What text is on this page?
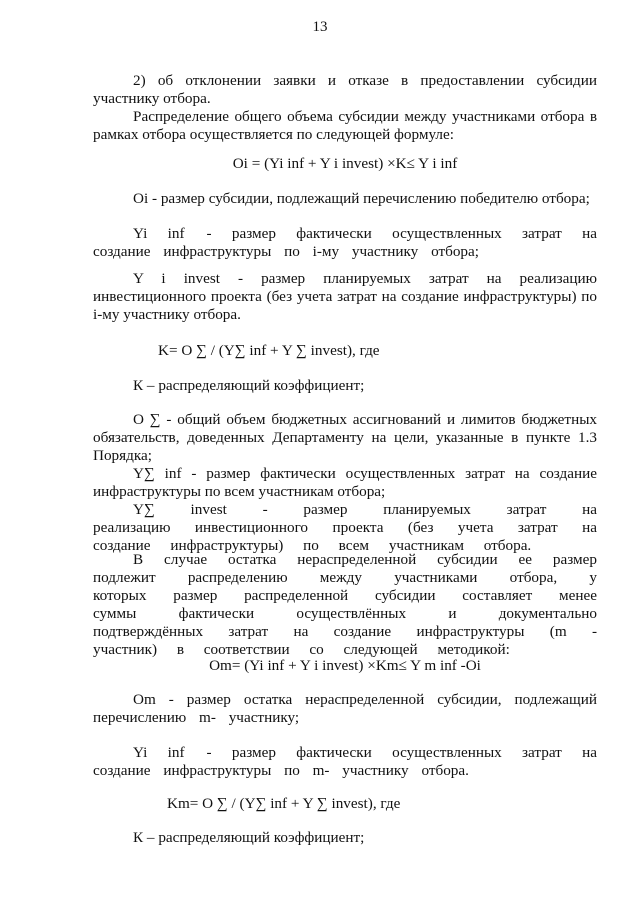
13

2) об отклонении заявки и отказе в предоставлении субсидии участнику отбора.

Распределение общего объема субсидии между участниками отбора в рамках отбора осуществляется по следующей формуле:

Oi = (Yi inf + Y i invest) ×K≤ Y i inf

Oi - размер субсидии, подлежащий перечислению победителю отбора;

Yi inf - размер фактически осуществленных затрат на создание инфраструктуры по i-му участнику отбора;

Y i invest - размер планируемых затрат на реализацию инвестиционного проекта (без учета затрат на создание инфраструктуры) по i-му участнику отбора.

K= O ∑ / (Y∑ inf + Y ∑ invest), где

К – распределяющий коэффициент;

О ∑ - общий объем бюджетных ассигнований и лимитов бюджетных обязательств, доведенных Департаменту на цели, указанные в пункте 1.3 Порядка;

Y∑ inf - размер фактически осуществленных затрат на создание инфраструктуры по всем участникам отбора;

Y∑ invest - размер планируемых затрат на реализацию инвестиционного проекта (без учета затрат на создание инфраструктуры) по всем участникам отбора.

В случае остатка нераспределенной субсидии ее размер подлежит распределению между участниками отбора, у которых размер распределенной субсидии составляет менее суммы фактически осуществлённых и документально подтверждённых затрат на создание инфраструктуры (m - участник) в соответствии со следующей методикой:

Om= (Yi inf + Y i invest) ×Km≤ Y m inf -Oi

Om - размер остатка нераспределенной субсидии, подлежащий перечислению m- участнику;

Yi inf - размер фактически осуществленных затрат на создание инфраструктуры по m- участнику отбора.

Km= O ∑ / (Y∑ inf + Y ∑ invest), где

К – распределяющий коэффициент;
